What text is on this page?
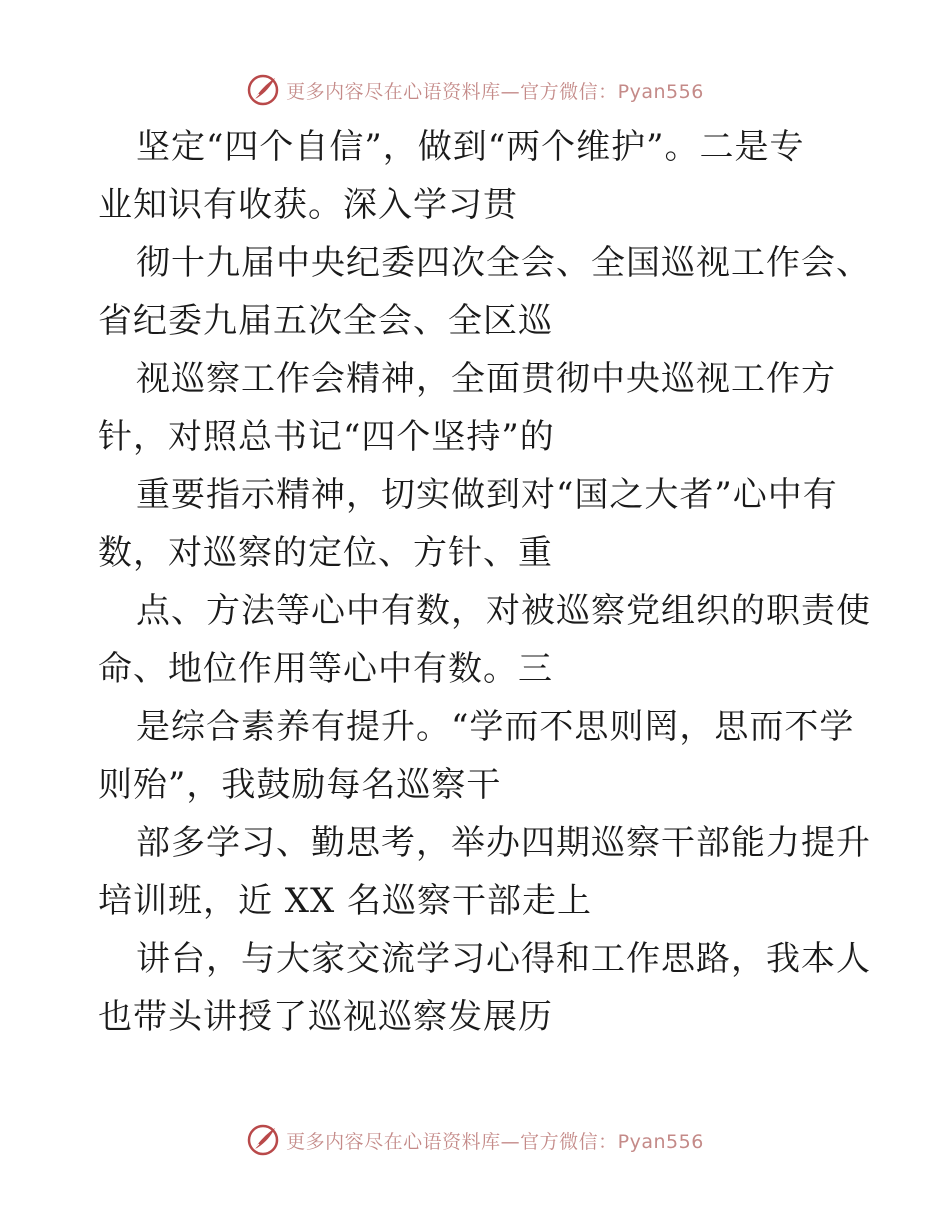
更多内容尽在心语资料库—官方微信：Pyan556
坚定“四个自信”，做到“两个维护”。二是专
业知识有收获。深入学习贯
彻十九届中央纪委四次全会、全国巡视工作会、
省纪委九届五次全会、全区巡
视巡察工作会精神，全面贯彻中央巡视工作方
针，对照总书记“四个坚持”的
重要指示精神，切实做到对“国之大者”心中有
数，对巡察的定位、方针、重
点、方法等心中有数，对被巡察党组织的职责使
命、地位作用等心中有数。三
是综合素养有提升。“学而不思则罔，思而不学
则殆”，我鼓励每名巡察干
部多学习、勤思考，举办四期巡察干部能力提升
培训班，近 XX 名巡察干部走上
讲台，与大家交流学习心得和工作思路，我本人
也带头讲授了巡视巡察发展历
更多内容尽在心语资料库—官方微信：Pyan556
